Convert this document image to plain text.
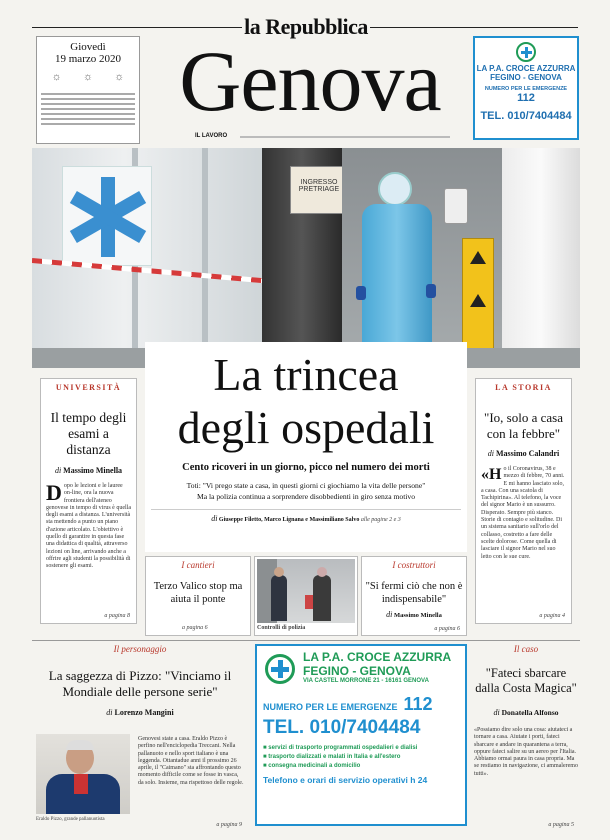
la Repubblica
Giovedì
19 marzo 2020
☼ ☼ ☼ Genova
IL LAVORO
LA P.A. CROCE AZZURRA
FEGINO - GENOVA
NUMERO PER LE EMERGENZE
112
TEL. 010/7404484
INGRESSO PRETRIAGE
La trincea
degli ospedali
Cento ricoveri in un giorno, picco nel numero dei morti
Toti: "Vi prego state a casa, in questi giorni ci giochiamo la vita delle persone"
Ma la polizia continua a sorprendere disobbedienti in giro senza motivo
di Giuseppe Filetto, Marco Lignana e Massimiliano Salvo alle pagine 2 e 3
UNIVERSITÀ
Il tempo degli esami a distanza
di Massimo Minella
D opo le lezioni e le lauree on-line, ora la nuova frontiera dell'ateneo genovese in tempo di virus è quella degli esami a distanza. L'università sta mettendo a punto un piano d'azione articolato. L'obiettivo è quello di garantire in questa fase una didattica di qualità, attraverso lezioni on line, arrivando anche a offrire agli studenti la possibilità di sostenere gli esami.
a pagina 8
LA STORIA
"Io, solo a casa con la febbre"
di Massimo Calandri
«H o il Coronavirus, 38 e mezzo di febbre, 70 anni. E mi hanno lasciato solo, a casa. Con una scatola di Tachipirina». Al telefono, la voce del signor Mario è un sussurro. Disperato. Sempre più stanco. Storie di contagio e solitudine. Di un sistema sanitario sull'orlo del collasso, costretto a fare delle scelte dolorose. Come quella di lasciare il signor Mario nel suo letto con le sue cure.
a pagina 4
I cantieri
Terzo Valico stop ma aiuta il ponte
a pagina 6	Controlli di polizia
I costruttori
"Si fermi ciò che non è indispensabile"
di Massimo Minella
a pagina 6
Il personaggio
La saggezza di Pizzo: "Vinciamo il Mondiale delle persone serie"
di Lorenzo Mangini
Eraldo Pizzo, grande pallanuotista
Genovesi state a casa. Eraldo Pizzo è perfino nell'enciclopedia Treccani. Nella pallanuoto e nello sport italiano è una leggenda. Ottantadue anni il prossimo 26 aprile, il "Caimano" sta affrontando questo momento difficile come se fosse in vasca, da solo. Insieme, ma rispettoso delle regole.
a pagina 9
LA P.A. CROCE AZZURRA
FEGINO - GENOVA
VIA CASTEL MORRONE 21 - 16161 GENOVA
NUMERO PER LE EMERGENZE 112
TEL. 010/7404484
■ servizi di trasporto programmati ospedalieri e dialisi
■ trasporto dializzati e malati in Italia e all'estero
■ consegna medicinali a domicilio
Telefono e orari di servizio operativi h 24
Il caso
"Fateci sbarcare dalla Costa Magica"
di Donatella Alfonso
«Possiamo dire solo una cosa: aiutateci a tornare a casa. Aiutate i porti, fateci sbarcare e andare in quarantena a terra, oppure fateci salire su un aereo per l'Italia. Abbiamo ormai paura in casa propria. Ma se restiamo in navigazione, ci ammaleremo tutti».
a pagina 5
